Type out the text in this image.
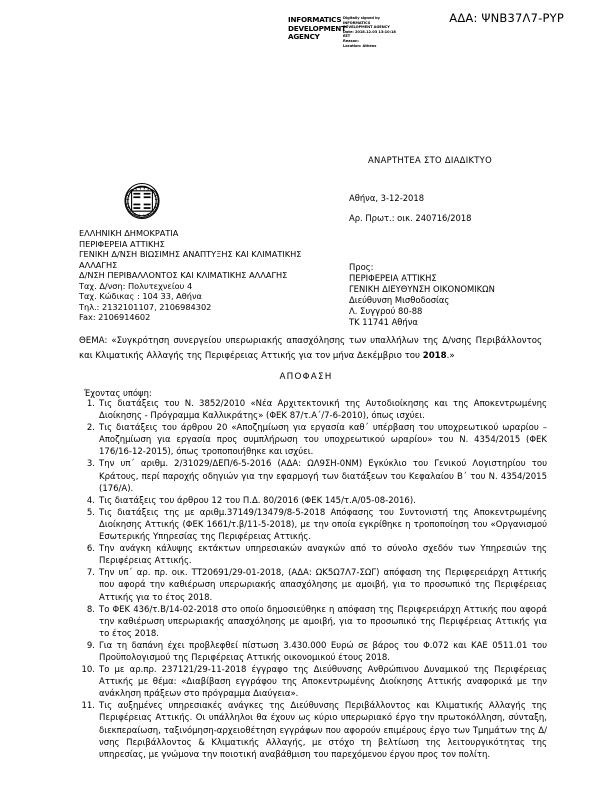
ΑΔΑ: ΨΝΒ37Λ7-ΡΥΡ
INFORMATICS
DEVELOPMENT
AGENCY
Digitally signed by
INFORMATICS
DEVELOPMENT AGENCY
Date: 2018.12.03 13:10:18
EET
Reason:
Location: Athens
ΑΝΑΡΤΗΤΕΑ ΣΤΟ ΔΙΑΔΙΚΤΥΟ
ΕΛΛΗΝΙΚΗ ΔΗΜΟΚΡΑΤΙΑ
ΠΕΡΙΦΕΡΕΙΑ ΑΤΤΙΚΗΣ
ΓΕΝΙΚΗ Δ/ΝΣΗ ΒΙΩΣΙΜΗΣ ΑΝΑΠΤΥΞΗΣ ΚΑΙ ΚΛΙΜΑΤΙΚΗΣ ΑΛΛΑΓΗΣ
Δ/ΝΣΗ ΠΕΡΙΒΑΛΛΟΝΤΟΣ ΚΑΙ ΚΛΙΜΑΤΙΚΗΣ ΑΛΛΑΓΗΣ
Ταχ. Δ/νση: Πολυτεχνείου 4
Ταχ. Κώδικας : 104 33, Αθήνα
Τηλ.: 2132101107, 2106984302
Fax: 2106914602
Αθήνα, 3-12-2018
Αρ. Πρωτ.: οικ. 240716/2018
Προς:
ΠΕΡΙΦΕΡΕΙΑ ΑΤΤΙΚΗΣ
ΓΕΝΙΚΗ ΔΙΕΥΘΥΝΣΗ ΟΙΚΟΝΟΜΙΚΩΝ
Διεύθυνση Μισθοδοσίας
Λ. Συγγρού 80-88
ΤΚ 11741 Αθήνα
ΘΕΜΑ: «Συγκρότηση συνεργείου υπερωριακής απασχόλησης των υπαλλήλων της Δ/νσης Περιβάλλοντος και Κλιματικής Αλλαγής της Περιφέρειας Αττικής για τον μήνα Δεκέμβριο του 2018.»
ΑΠΟΦΑΣΗ
Έχοντας υπόψη:
1. Τις διατάξεις του Ν. 3852/2010 «Νέα Αρχιτεκτονική της Αυτοδιοίκησης και της Αποκεντρωμένης Διοίκησης - Πρόγραμμα Καλλικράτης» (ΦΕΚ 87/τ.Α΄/7-6-2010), όπως ισχύει.
2. Τις διατάξεις του άρθρου 20 «Αποζημίωση για εργασία καθ΄ υπέρβαση του υποχρεωτικού ωραρίου – Αποζημίωση για εργασία προς συμπλήρωση του υποχρεωτικού ωραρίου» του Ν. 4354/2015 (ΦΕΚ 176/16-12-2015), όπως τροποποιήθηκε και ισχύει.
3. Την υπ΄ αριθμ. 2/31029/ΔΕΠ/6-5-2016 (ΑΔΑ: ΩΛ9ΣΗ-0ΝΜ) Εγκύκλιο του Γενικού Λογιστηρίου του Κράτους, περί παροχής οδηγιών για την εφαρμογή των διατάξεων του Κεφαλαίου Β΄ του Ν. 4354/2015 (176/Α).
4. Τις διατάξεις του άρθρου 12 του Π.Δ. 80/2016 (ΦΕΚ 145/τ.Α/05-08-2016).
5. Τις διατάξεις της με αριθμ.37149/13479/8-5-2018 Απόφασης του Συντονιστή της Αποκεντρωμένης Διοίκησης Αττικής (ΦΕΚ 1661/τ.β/11-5-2018), με την οποία εγκρίθηκε η τροποποίηση του «Οργανισμού Εσωτερικής Υπηρεσίας της Περιφέρειας Αττικής.
6. Την ανάγκη κάλυψης εκτάκτων υπηρεσιακών αναγκών από το σύνολο σχεδόν των Υπηρεσιών της Περιφέρειας Αττικής.
7. Την υπ΄ αρ. πρ. οικ. ΤΤ20691/29-01-2018, (ΑΔΑ: ΩΚ5Ω7Λ7-ΣΩΓ) απόφαση της Περιφερειάρχη Αττικής που αφορά την καθιέρωση υπερωριακής απασχόλησης με αμοιβή, για το προσωπικό της Περιφέρειας Αττικής για το έτος 2018.
8. Το ΦΕΚ 436/τ.Β/14-02-2018 στο οποίο δημοσιεύθηκε η απόφαση της Περιφερειάρχη Αττικής που αφορά την καθιέρωση υπερωριακής απασχόλησης με αμοιβή, για το προσωπικό της Περιφέρειας Αττικής για το έτος 2018.
9. Για τη δαπάνη έχει προβλεφθεί πίστωση 3.430.000 Ευρώ σε βάρος του Φ.072 και ΚΑΕ 0511.01 του Προϋπολογισμού της Περιφέρειας Αττικής οικονομικού έτους 2018.
10. Το με αρ.πρ. 237121/29-11-2018 έγγραφο της Διεύθυνσης Ανθρώπινου Δυναμικού της Περιφέρειας Αττικής με θέμα: «Διαβίβαση εγγράφου της Αποκεντρωμένης Διοίκησης Αττικής αναφορικά με την ανάκληση πράξεων στο πρόγραμμα Διαύγεια».
11. Τις αυξημένες υπηρεσιακές ανάγκες της Διεύθυνσης Περιβάλλοντος και Κλιματικής Αλλαγής της Περιφέρειας Αττικής. Οι υπάλληλοι θα έχουν ως κύριο υπερωριακό έργο την πρωτοκόλληση, σύνταξη, διεκπεραίωση, ταξινόμηση-αρχειοθέτηση εγγράφων που αφορούν επιμέρους έργο των Τμημάτων της Δ/νσης Περιβάλλοντος & Κλιματικής Αλλαγής, με στόχο τη βελτίωση της λειτουργικότητας της υπηρεσίας, με γνώμονα την ποιοτική αναβάθμιση του παρεχόμενου έργου προς τον πολίτη.
